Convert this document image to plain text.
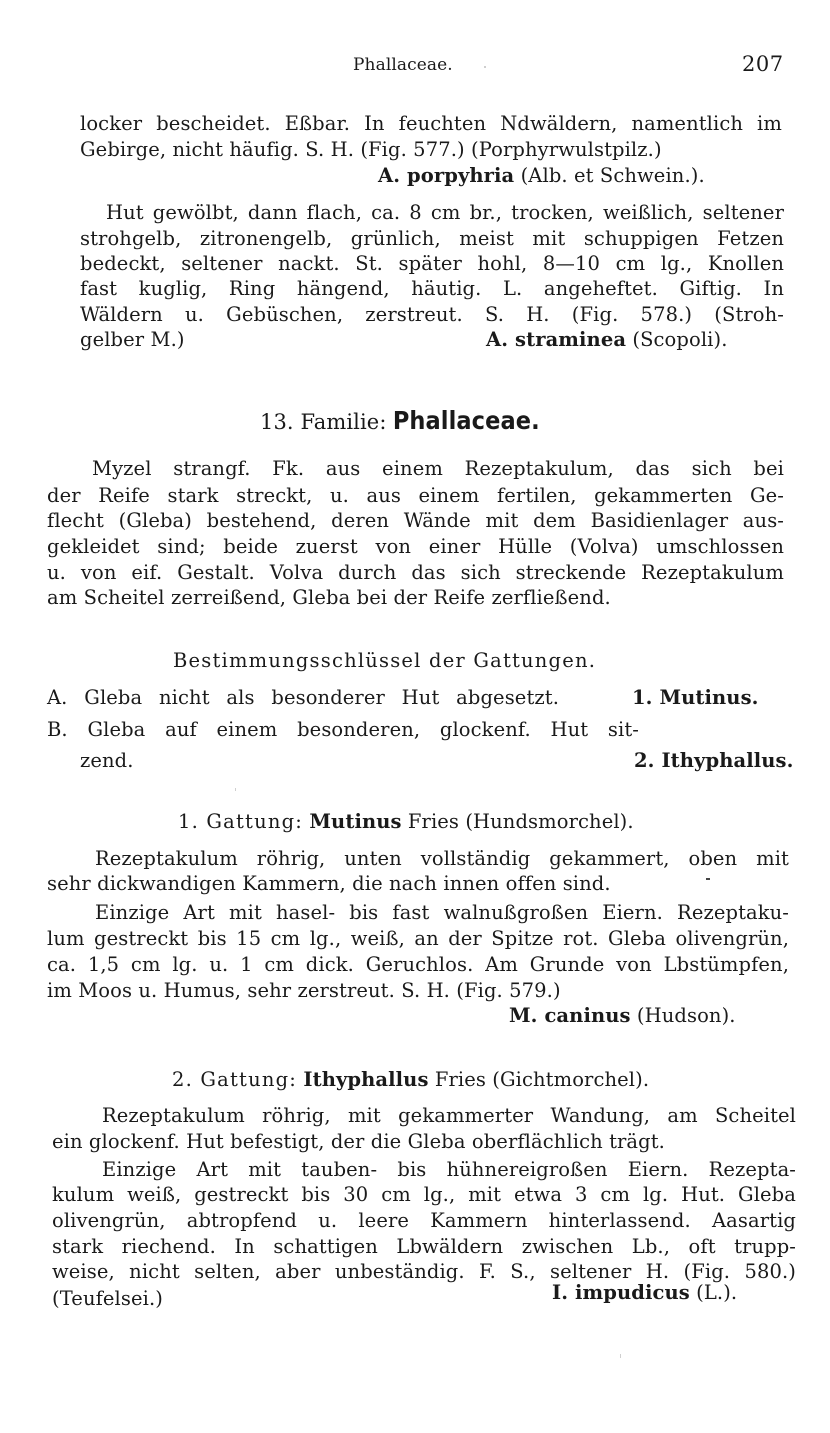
Phallaceae.	207
locker bescheidet. Eßbar. In feuchten Ndwäldern, namentlich im
Gebirge, nicht häufig. S. H. (Fig. 577.) (Porphyrwulstpilz.)
A. porpyhria (Alb. et Schwein.).
Hut gewölbt, dann flach, ca. 8 cm br., trocken, weißlich, seltener
strohgelb, zitronengelb, grünlich, meist mit schuppigen Fetzen
bedeckt, seltener nackt. St. später hohl, 8—10 cm lg., Knollen
fast kuglig, Ring hängend, häutig. L. angeheftet. Giftig. In
Wäldern u. Gebüschen, zerstreut. S. H. (Fig. 578.) (Stroh-
gelber M.)	A. straminea (Scopoli).
13. Familie: Phallaceae.
Myzel strangf. Fk. aus einem Rezeptakulum, das sich bei
der Reife stark streckt, u. aus einem fertilen, gekammerten Ge-
flecht (Gleba) bestehend, deren Wände mit dem Basidienlager aus-
gekleidet sind; beide zuerst von einer Hülle (Volva) umschlossen
u. von eif. Gestalt. Volva durch das sich streckende Rezeptakulum
am Scheitel zerreißend, Gleba bei der Reife zerfließend.
Bestimmungsschlüssel der Gattungen.
A. Gleba nicht als besonderer Hut abgesetzt.	1. Mutinus.
B. Gleba auf einem besonderen, glockenf. Hut sit-
zend.	2. Ithyphallus.
1. Gattung: Mutinus Fries (Hundsmorchel).
Rezeptakulum röhrig, unten vollständig gekammert, oben mit
sehr dickwandigen Kammern, die nach innen offen sind.
Einzige Art mit hasel- bis fast walnußgroßen Eiern. Rezeptaku-
lum gestreckt bis 15 cm lg., weiß, an der Spitze rot. Gleba olivengrün,
ca. 1,5 cm lg. u. 1 cm dick. Geruchlos. Am Grunde von Lbstümpfen,
im Moos u. Humus, sehr zerstreut. S. H. (Fig. 579.)
M. caninus (Hudson).
2. Gattung: Ithyphallus Fries (Gichtmorchel).
Rezeptakulum röhrig, mit gekammerter Wandung, am Scheitel
ein glockenf. Hut befestigt, der die Gleba oberflächlich trägt.
Einzige Art mit tauben- bis hühnereigroßen Eiern. Rezepta-
kulum weiß, gestreckt bis 30 cm lg., mit etwa 3 cm lg. Hut. Gleba
olivengrün, abtropfend u. leere Kammern hinterlassend. Aasartig
stark riechend. In schattigen Lbwäldern zwischen Lb., oft trupp-
weise, nicht selten, aber unbeständig. F. S., seltener H. (Fig. 580.)
(Teufelsei.)	I. impudicus (L.).
